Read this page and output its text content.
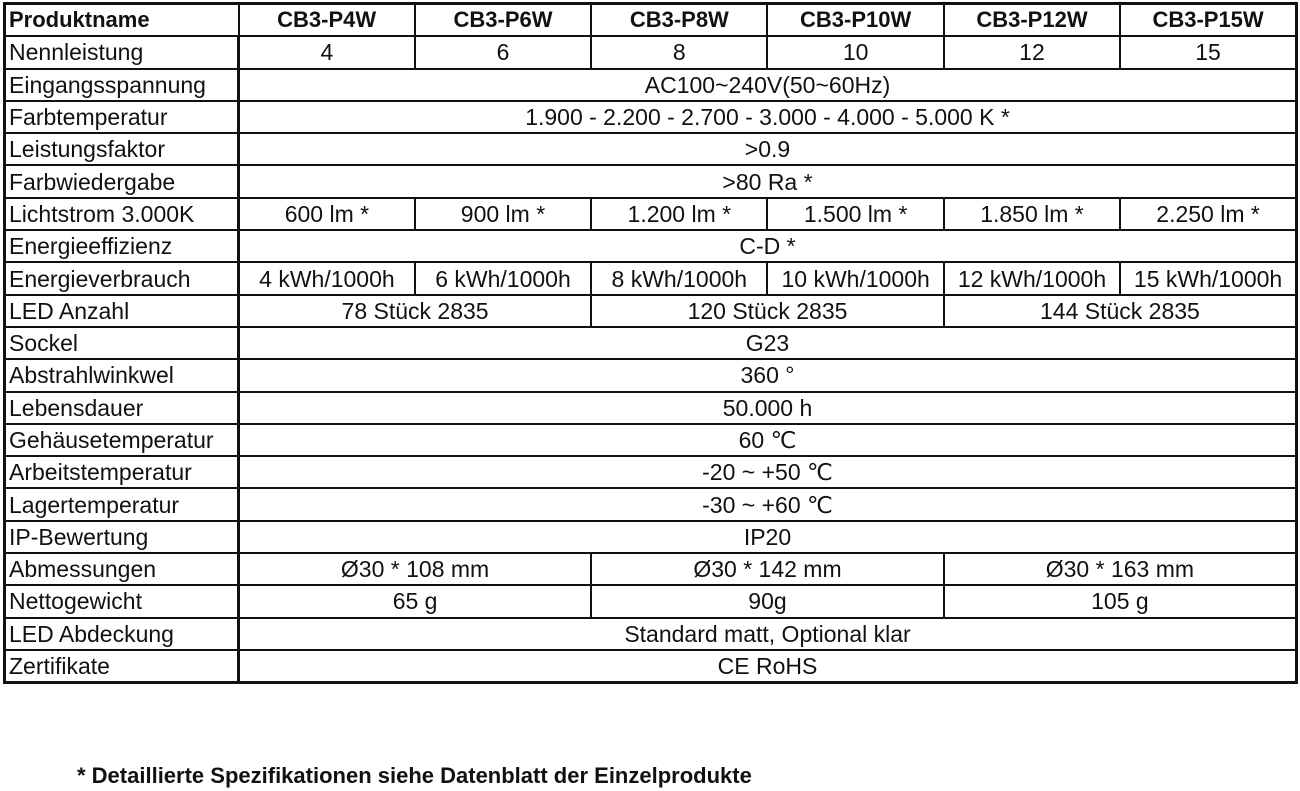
Produktname	CB3-P4W	CB3-P6W	CB3-P8W	CB3-P10W	CB3-P12W	CB3-P15W
Nennleistung	4	6	8	10	12	15
Eingangsspannung	AC100~240V(50~60Hz)					
Farbtemperatur	1.900 - 2.200 - 2.700 - 3.000 - 4.000 - 5.000 K *					
Leistungsfaktor	>0.9					
Farbwiedergabe	>80 Ra *					
Lichtstrom 3.000K	600 lm *	900 lm *	1.200 lm *	1.500 lm *	1.850 lm *	2.250 lm *
Energieeffizienz	C-D *					
Energieverbrauch	4 kWh/1000h	6 kWh/1000h	8 kWh/1000h	10 kWh/1000h	12 kWh/1000h	15 kWh/1000h
LED Anzahl	78 Stück 2835		120 Stück 2835		144 Stück 2835	
Sockel	G23					
Abstrahlwinkwel	360 °					
Lebensdauer	50.000 h					
Gehäusetemperatur	60 ℃					
Arbeitstemperatur	-20 ~ +50 ℃					
Lagertemperatur	-30 ~ +60 ℃					
IP-Bewertung	IP20					
Abmessungen	Ø30 * 108 mm		Ø30 * 142 mm		Ø30 * 163 mm	
Nettogewicht	65 g		90g		105 g	
LED Abdeckung	Standard matt, Optional klar					
Zertifikate	CE RoHS					
* Detaillierte Spezifikationen siehe Datenblatt der Einzelprodukte
